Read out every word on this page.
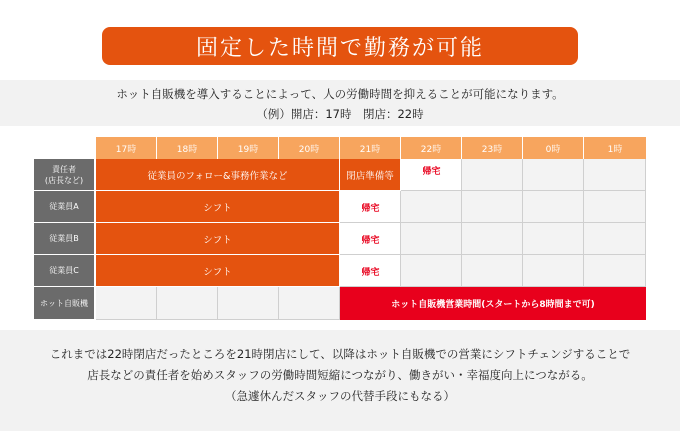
固定した時間で勤務が可能
ホット自販機を導入することによって、人の労働時間を抑えることが可能になります。
（例）開店：17時　閉店：22時
17時	18時	19時	20時	21時	22時	23時	0時	1時
責任者
(店長など)	従業員のフォロー&事務作業など	閉店準備等	帰宅
従業員A	シフト	帰宅
従業員B	シフト	帰宅
従業員C	シフト	帰宅
ホット自販機	ホット自販機営業時間(スタートから8時間まで可)
これまでは22時閉店だったところを21時閉店にして、以降はホット自販機での営業にシフトチェンジすることで
店長などの責任者を始めスタッフの労働時間短縮につながり、働きがい・幸福度向上につながる。
（急遽休んだスタッフの代替手段にもなる）
